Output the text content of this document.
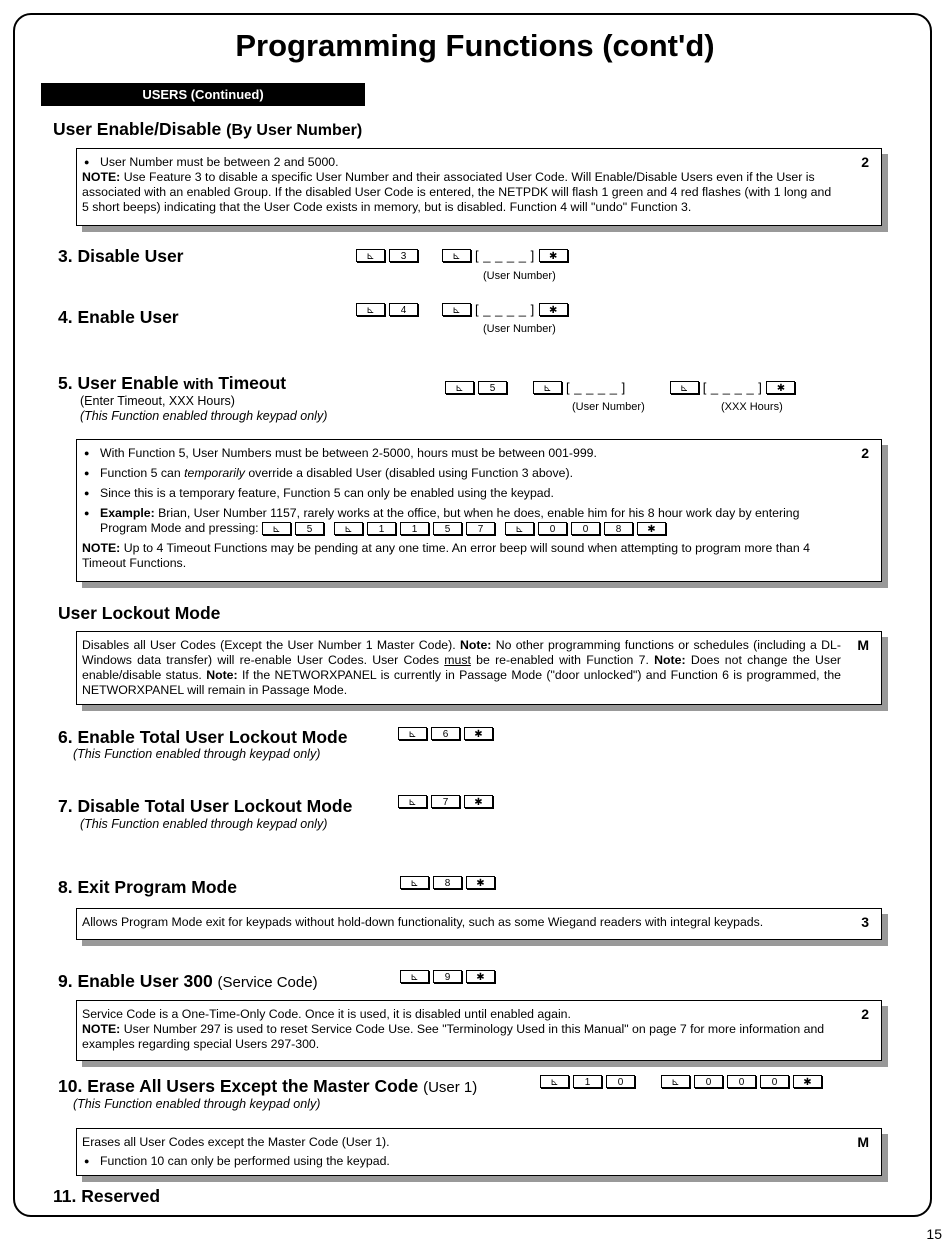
Programming Functions (cont'd)
USERS (Continued)
User Enable/Disable (By User Number)
2
● User Number must be between 2 and 5000.

NOTE: Use Feature 3 to disable a specific User Number and their associated User Code. Will Enable/Disable Users even if the User is associated with an enabled Group. If the disabled User Code is entered, the NETPDK will flash 1 green and 4 red flashes (with 1 long and 5 short beeps) indicating that the User Code exists in memory, but is disabled. Function 4 will "undo" Function 3.

3. Disable User	⊾	3	⊾	[ _ _ _ _ ]	✱
(User Number)
4. Enable User	⊾	4	⊾	[ _ _ _ _ ]	✱
(User Number)
5. User Enable with Timeout
(Enter Timeout, XXX Hours)
(This Function enabled through keypad only)
⊾	5	⊾	[ _ _ _ _ ]	⊾	[ _ _ _ _ ]	✱
(User Number)	(XXX Hours)
2
● With Function 5, User Numbers must be between 2-5000, hours must be between 001-999.
● Function 5 can temporarily override a disabled User (disabled using Function 3 above).
● Since this is a temporary feature, Function 5 can only be enabled using the keypad.
● Example: Brian, User Number 1157, rarely works at the office, but when he does, enable him for his 8 hour work day by entering Program Mode and pressing:	⊾	5	⊾	1	1	5	7	⊾	0	0	8	✱

NOTE: Up to 4 Timeout Functions may be pending at any one time. An error beep will sound when attempting to program more than 4 Timeout Functions.

User Lockout Mode
M

Disables all User Codes (Except the User Number 1 Master Code). Note: No other programming functions or schedules (including a DL-Windows data transfer) will re-enable User Codes. User Codes must be re-enabled with Function 7. Note: Does not change the User enable/disable status. Note: If the NETWORXPANEL is currently in Passage Mode ("door unlocked") and Function 6 is programmed, the NETWORXPANEL will remain in Passage Mode.

6. Enable Total User Lockout Mode
(This Function enabled through keypad only)
⊾	6	✱
7. Disable Total User Lockout Mode
(This Function enabled through keypad only)
⊾	7	✱
8. Exit Program Mode	⊾	8	✱
3

Allows Program Mode exit for keypads without hold-down functionality, such as some Wiegand readers with integral keypads.

9. Enable User 300 (Service Code)	⊾	9	✱
2

Service Code is a One-Time-Only Code. Once it is used, it is disabled until enabled again.

NOTE: User Number 297 is used to reset Service Code Use. See "Terminology Used in this Manual" on page 7 for more information and examples regarding special Users 297-300.

10. Erase All Users Except the Master Code (User 1)
(This Function enabled through keypad only)
⊾	1	0	⊾	0	0	0	✱
M

Erases all User Codes except the Master Code (User 1).

● Function 10 can only be performed using the keypad.
11. Reserved
15
